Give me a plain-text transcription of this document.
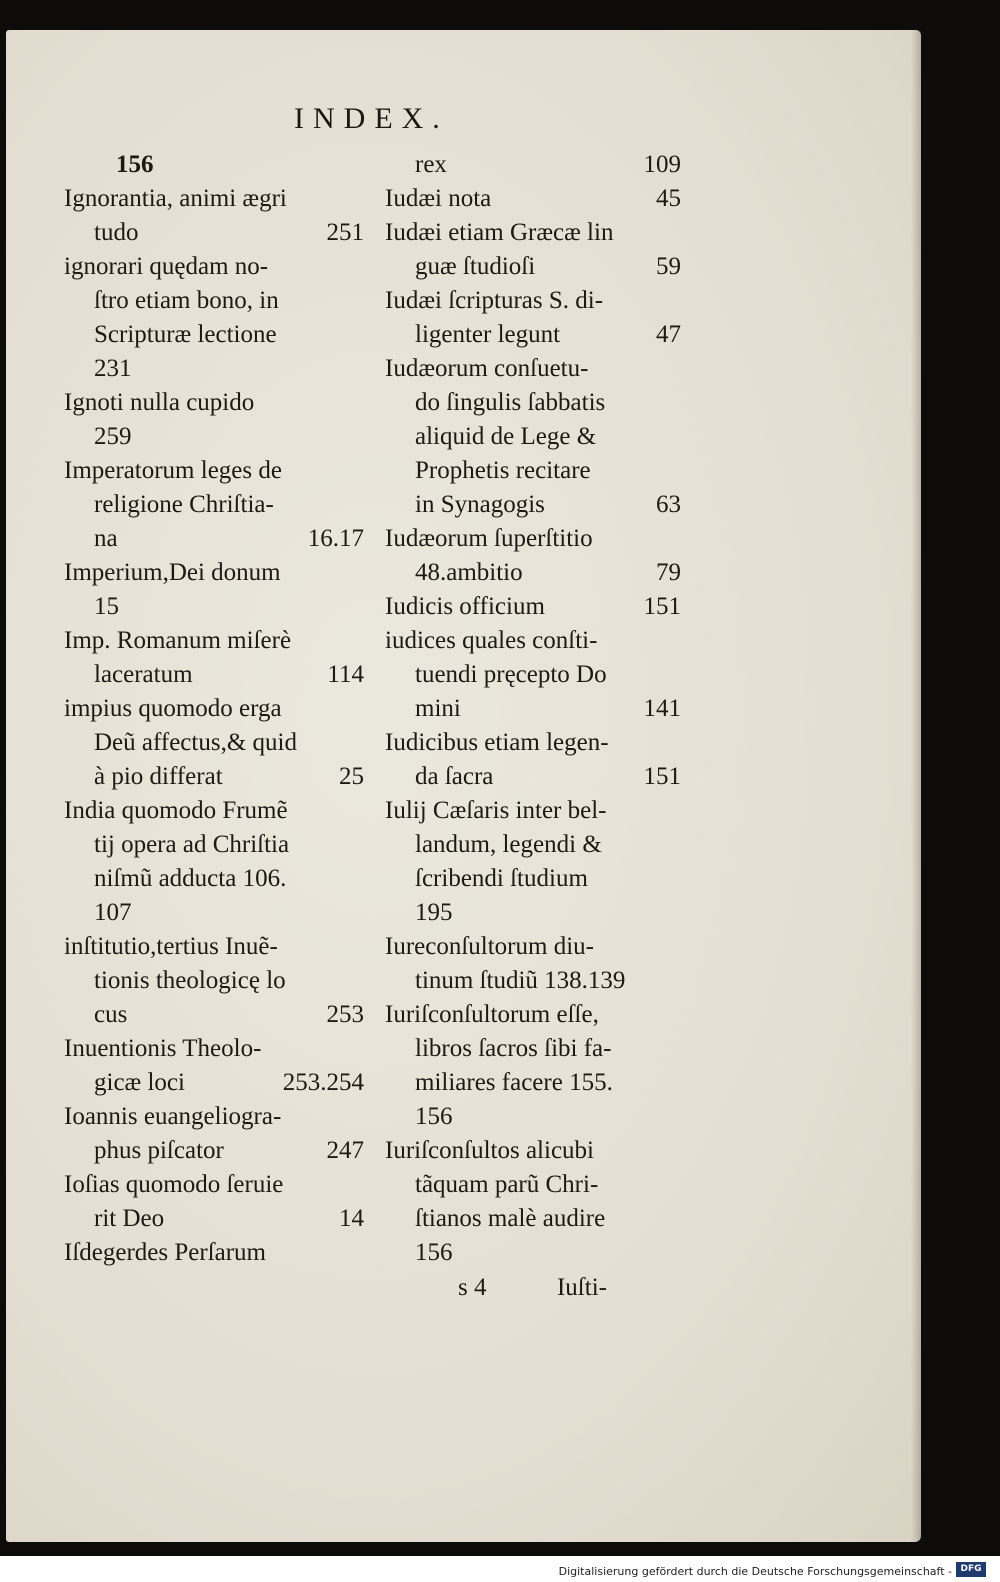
INDEX.
156
Ignorantia, animi ægri
tudo	251
ignorari quędam no-
ſtro etiam bono, in
Scripturæ lectione
231
Ignoti nulla cupido
259
Imperatorum leges de
religione Chriſtia-
na	16.17
Imperium,Dei donum
15
Imp. Romanum miſerè
laceratum	114
impius quomodo erga
Deũ affectus,& quid
à pio differat	25
India quomodo Frumẽ
tij opera ad Chriſtia
niſmũ adducta 106.
107
inſtitutio,tertius Inuẽ-
tionis theologicę lo
cus	253
Inuentionis Theolo-
gicæ loci	253.254
Ioannis euangeliogra-
phus piſcator	247
Ioſias quomodo ſeruie
rit Deo	14
Iſdegerdes Perſarum
rex	109
Iudæi nota	45
Iudæi etiam Græcæ lin
guæ ſtudioſi	59
Iudæi ſcripturas S. di-
ligenter legunt	47
Iudæorum conſuetu-
do ſingulis ſabbatis
aliquid de Lege &
Prophetis recitare
in Synagogis	63
Iudæorum ſuperſtitio
48.ambitio	79
Iudicis officium	151
iudices quales conſti-
tuendi pręcepto Do
mini	141
Iudicibus etiam legen-
da ſacra	151
Iulij Cæſaris inter bel-
landum, legendi &
ſcribendi ſtudium
195
Iureconſultorum diu-
tinum ſtudiũ 138.139
Iuriſconſultorum eſſe,
libros ſacros ſibi fa-
miliares facere 155.
156
Iuriſconſultos alicubi
tãquam parũ Chri-
ſtianos malè audire
156
s 4	Iuſti-
Digitalisierung gefördert durch die Deutsche Forschungsgemeinschaft - DFG
